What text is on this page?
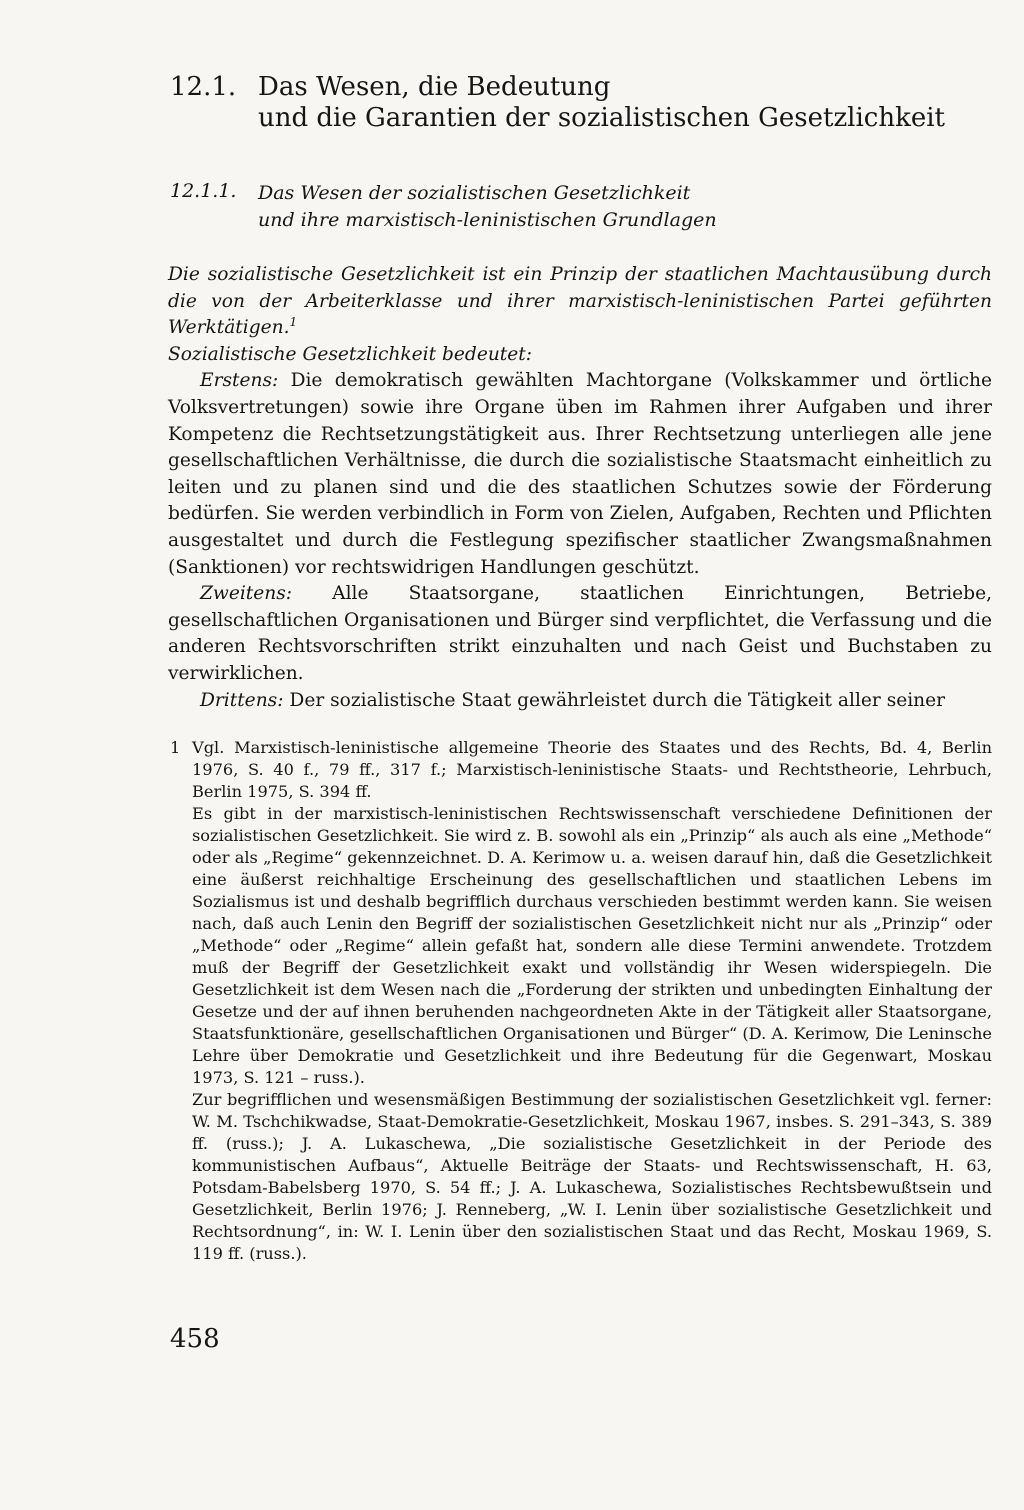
12.1. Das Wesen, die Bedeutung
und die Garantien der sozialistischen Gesetzlichkeit
12.1.1. Das Wesen der sozialistischen Gesetzlichkeit
und ihre marxistisch-leninistischen Grundlagen

Die sozialistische Gesetzlichkeit ist ein Prinzip der staatlichen Machtausübung durch die von der Arbeiterklasse und ihrer marxistisch-leninistischen Partei geführten Werktätigen.$^1$

Sozialistische Gesetzlichkeit bedeutet:

Erstens: Die demokratisch gewählten Machtorgane (Volkskammer und örtliche Volksvertretungen) sowie ihre Organe üben im Rahmen ihrer Aufgaben und ihrer Kompetenz die Rechtsetzungstätigkeit aus. Ihrer Rechtsetzung unterliegen alle jene gesellschaftlichen Verhältnisse, die durch die sozialistische Staatsmacht einheitlich zu leiten und zu planen sind und die des staatlichen Schutzes sowie der Förderung bedürfen. Sie werden verbindlich in Form von Zielen, Aufgaben, Rechten und Pflichten ausgestaltet und durch die Festlegung spezifischer staatlicher Zwangsmaßnahmen (Sanktionen) vor rechtswidrigen Handlungen geschützt.

Zweitens: Alle Staatsorgane, staatlichen Einrichtungen, Betriebe, gesellschaftlichen Organisationen und Bürger sind verpflichtet, die Verfassung und die anderen Rechtsvorschriften strikt einzuhalten und nach Geist und Buchstaben zu verwirklichen.

Drittens: Der sozialistische Staat gewährleistet durch die Tätigkeit aller seiner

1 Vgl. Marxistisch-leninistische allgemeine Theorie des Staates und des Rechts, Bd. 4, Berlin 1976, S. 40 f., 79 ff., 317 f.; Marxistisch-leninistische Staats- und Rechtstheorie, Lehrbuch, Berlin 1975, S. 394 ff.

Es gibt in der marxistisch-leninistischen Rechtswissenschaft verschiedene Definitionen der sozialistischen Gesetzlichkeit. Sie wird z. B. sowohl als ein „Prinzip“ als auch als eine „Methode“ oder als „Regime“ gekennzeichnet. D. A. Kerimow u. a. weisen darauf hin, daß die Gesetzlichkeit eine äußerst reichhaltige Erscheinung des gesellschaftlichen und staatlichen Lebens im Sozialismus ist und deshalb begrifflich durchaus verschieden bestimmt werden kann. Sie weisen nach, daß auch Lenin den Begriff der sozialistischen Gesetzlichkeit nicht nur als „Prinzip“ oder „Methode“ oder „Regime“ allein gefaßt hat, sondern alle diese Termini anwendete. Trotzdem muß der Begriff der Gesetzlichkeit exakt und vollständig ihr Wesen widerspiegeln. Die Gesetzlichkeit ist dem Wesen nach die „Forderung der strikten und unbedingten Einhaltung der Gesetze und der auf ihnen beruhenden nachgeordneten Akte in der Tätigkeit aller Staatsorgane, Staatsfunktionäre, gesellschaftlichen Organisationen und Bürger“ (D. A. Kerimow, Die Leninsche Lehre über Demokratie und Gesetzlichkeit und ihre Bedeutung für die Gegenwart, Moskau 1973, S. 121 – russ.).

Zur begrifflichen und wesensmäßigen Bestimmung der sozialistischen Gesetzlichkeit vgl. ferner: W. M. Tschchikwadse, Staat-Demokratie-Gesetzlichkeit, Moskau 1967, insbes. S. 291–343, S. 389 ff. (russ.); J. A. Lukaschewa, „Die sozialistische Gesetzlichkeit in der Periode des kommunistischen Aufbaus“, Aktuelle Beiträge der Staats- und Rechtswissenschaft, H. 63, Potsdam-Babelsberg 1970, S. 54 ff.; J. A. Lukaschewa, Sozialistisches Rechtsbewußtsein und Gesetzlichkeit, Berlin 1976; J. Renneberg, „W. I. Lenin über sozialistische Gesetzlichkeit und Rechtsordnung“, in: W. I. Lenin über den sozialistischen Staat und das Recht, Moskau 1969, S. 119 ff. (russ.).

458
